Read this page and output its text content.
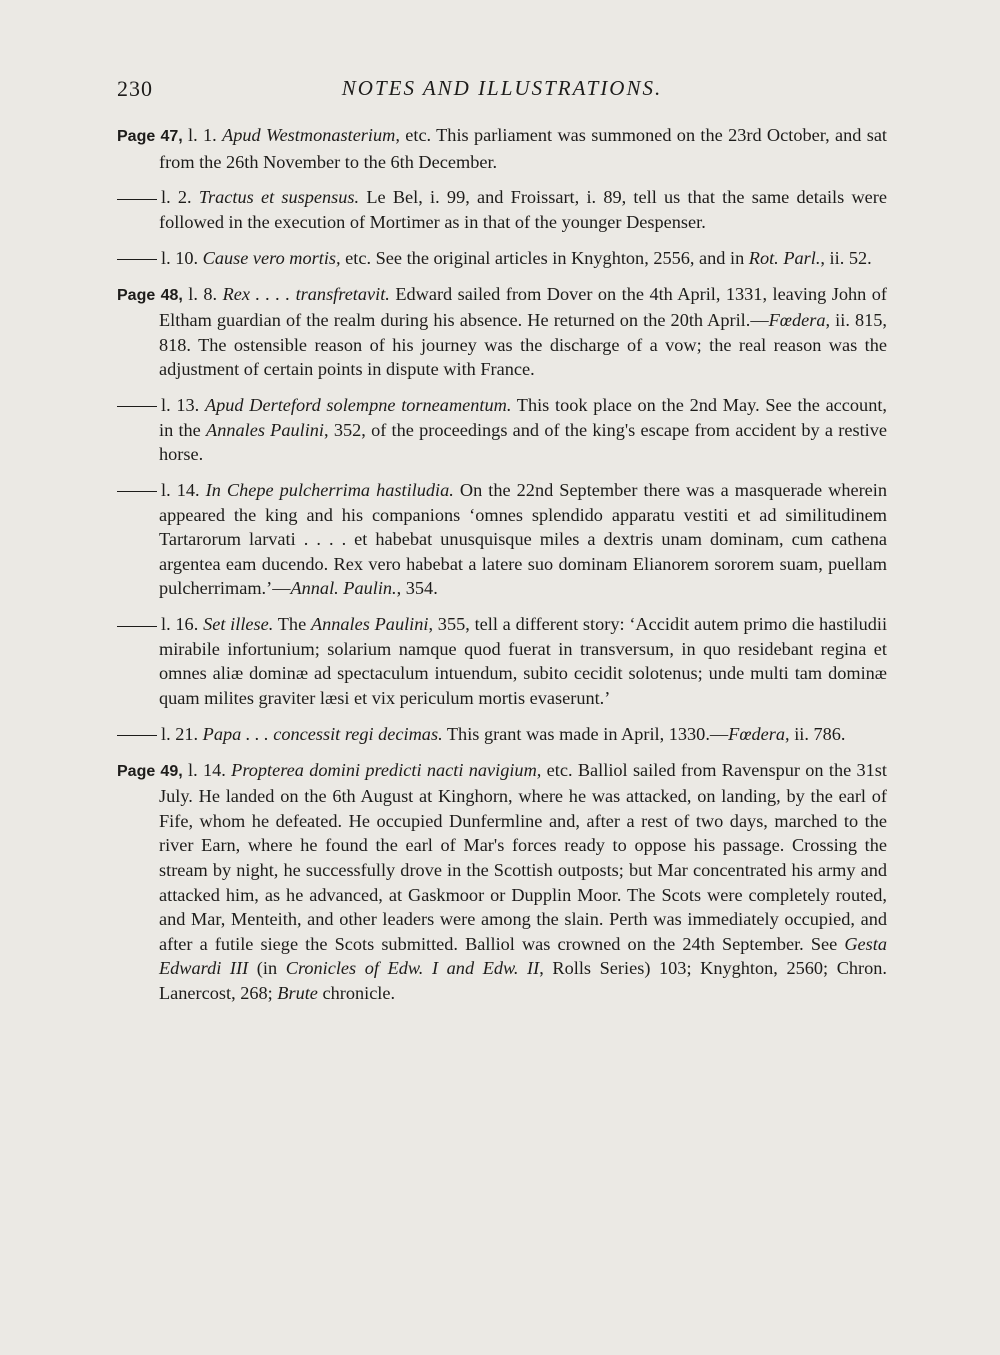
230	NOTES AND ILLUSTRATIONS.

Page 47, l. 1. Apud Westmonasterium, etc. This parliament was summoned on the 23rd October, and sat from the 26th November to the 6th December.

l. 2. Tractus et suspensus. Le Bel, i. 99, and Froissart, i. 89, tell us that the same details were followed in the execution of Mortimer as in that of the younger Despenser.

l. 10. Cause vero mortis, etc. See the original articles in Knyghton, 2556, and in Rot. Parl., ii. 52.

Page 48, l. 8. Rex . . . . transfretavit. Edward sailed from Dover on the 4th April, 1331, leaving John of Eltham guardian of the realm during his absence. He returned on the 20th April.—Fœdera, ii. 815, 818. The ostensible reason of his journey was the discharge of a vow; the real reason was the adjustment of certain points in dispute with France.

l. 13. Apud Derteford solempne torneamentum. This took place on the 2nd May. See the account, in the Annales Paulini, 352, of the proceedings and of the king's escape from accident by a restive horse.

l. 14. In Chepe pulcherrima hastiludia. On the 22nd September there was a masquerade wherein appeared the king and his companions ‘omnes splendido apparatu vestiti et ad similitudinem Tartarorum larvati . . . . et habebat unusquisque miles a dextris unam dominam, cum cathena argentea eam ducendo. Rex vero habebat a latere suo dominam Elianorem sororem suam, puellam pulcherrimam.’—Annal. Paulin., 354.

l. 16. Set illese. The Annales Paulini, 355, tell a different story: ‘Accidit autem primo die hastiludii mirabile infortunium; solarium namque quod fuerat in transversum, in quo residebant regina et omnes aliæ dominæ ad spectaculum intuendum, subito cecidit solotenus; unde multi tam dominæ quam milites graviter læsi et vix periculum mortis evaserunt.’

l. 21. Papa . . . concessit regi decimas. This grant was made in April, 1330.—Fœdera, ii. 786.

Page 49, l. 14. Propterea domini predicti nacti navigium, etc. Balliol sailed from Ravenspur on the 31st July. He landed on the 6th August at Kinghorn, where he was attacked, on landing, by the earl of Fife, whom he defeated. He occupied Dunfermline and, after a rest of two days, marched to the river Earn, where he found the earl of Mar's forces ready to oppose his passage. Crossing the stream by night, he successfully drove in the Scottish outposts; but Mar concentrated his army and attacked him, as he advanced, at Gaskmoor or Dupplin Moor. The Scots were completely routed, and Mar, Menteith, and other leaders were among the slain. Perth was immediately occupied, and after a futile siege the Scots submitted. Balliol was crowned on the 24th September. See Gesta Edwardi III (in Cronicles of Edw. I and Edw. II, Rolls Series) 103; Knyghton, 2560; Chron. Lanercost, 268; Brute chronicle.
